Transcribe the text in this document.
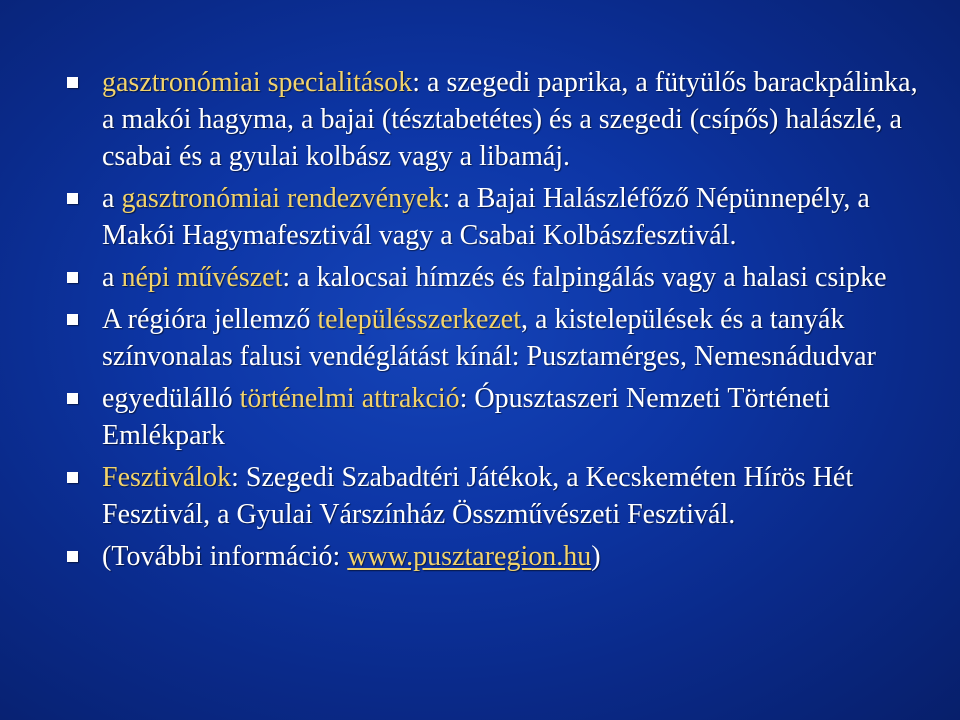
gasztronómiai specialitások: a szegedi paprika, a fütyülős barackpálinka, a makói hagyma, a bajai (tésztabetétes) és a szegedi (csípős) halászlé, a csabai és a gyulai kolbász vagy a libamáj.
a gasztronómiai rendezvények: a Bajai Halászléfőző Népünnepély, a Makói Hagymafesztivál vagy a Csabai Kolbászfesztivál.
a népi művészet: a kalocsai hímzés és falpingálás vagy a halasi csipke
A régióra jellemző településszerkezet, a kistelepülések és a tanyák színvonalas falusi vendéglátást kínál: Pusztamérges, Nemesnádudvar
egyedülálló történelmi attrakció: Ópusztaszeri Nemzeti Történeti Emlékpark
Fesztiválok: Szegedi Szabadtéri Játékok, a Kecskeméten Hírös Hét Fesztivál, a Gyulai Várszínház Összművészeti Fesztivál.
(További információ: www.pusztaregion.hu)
